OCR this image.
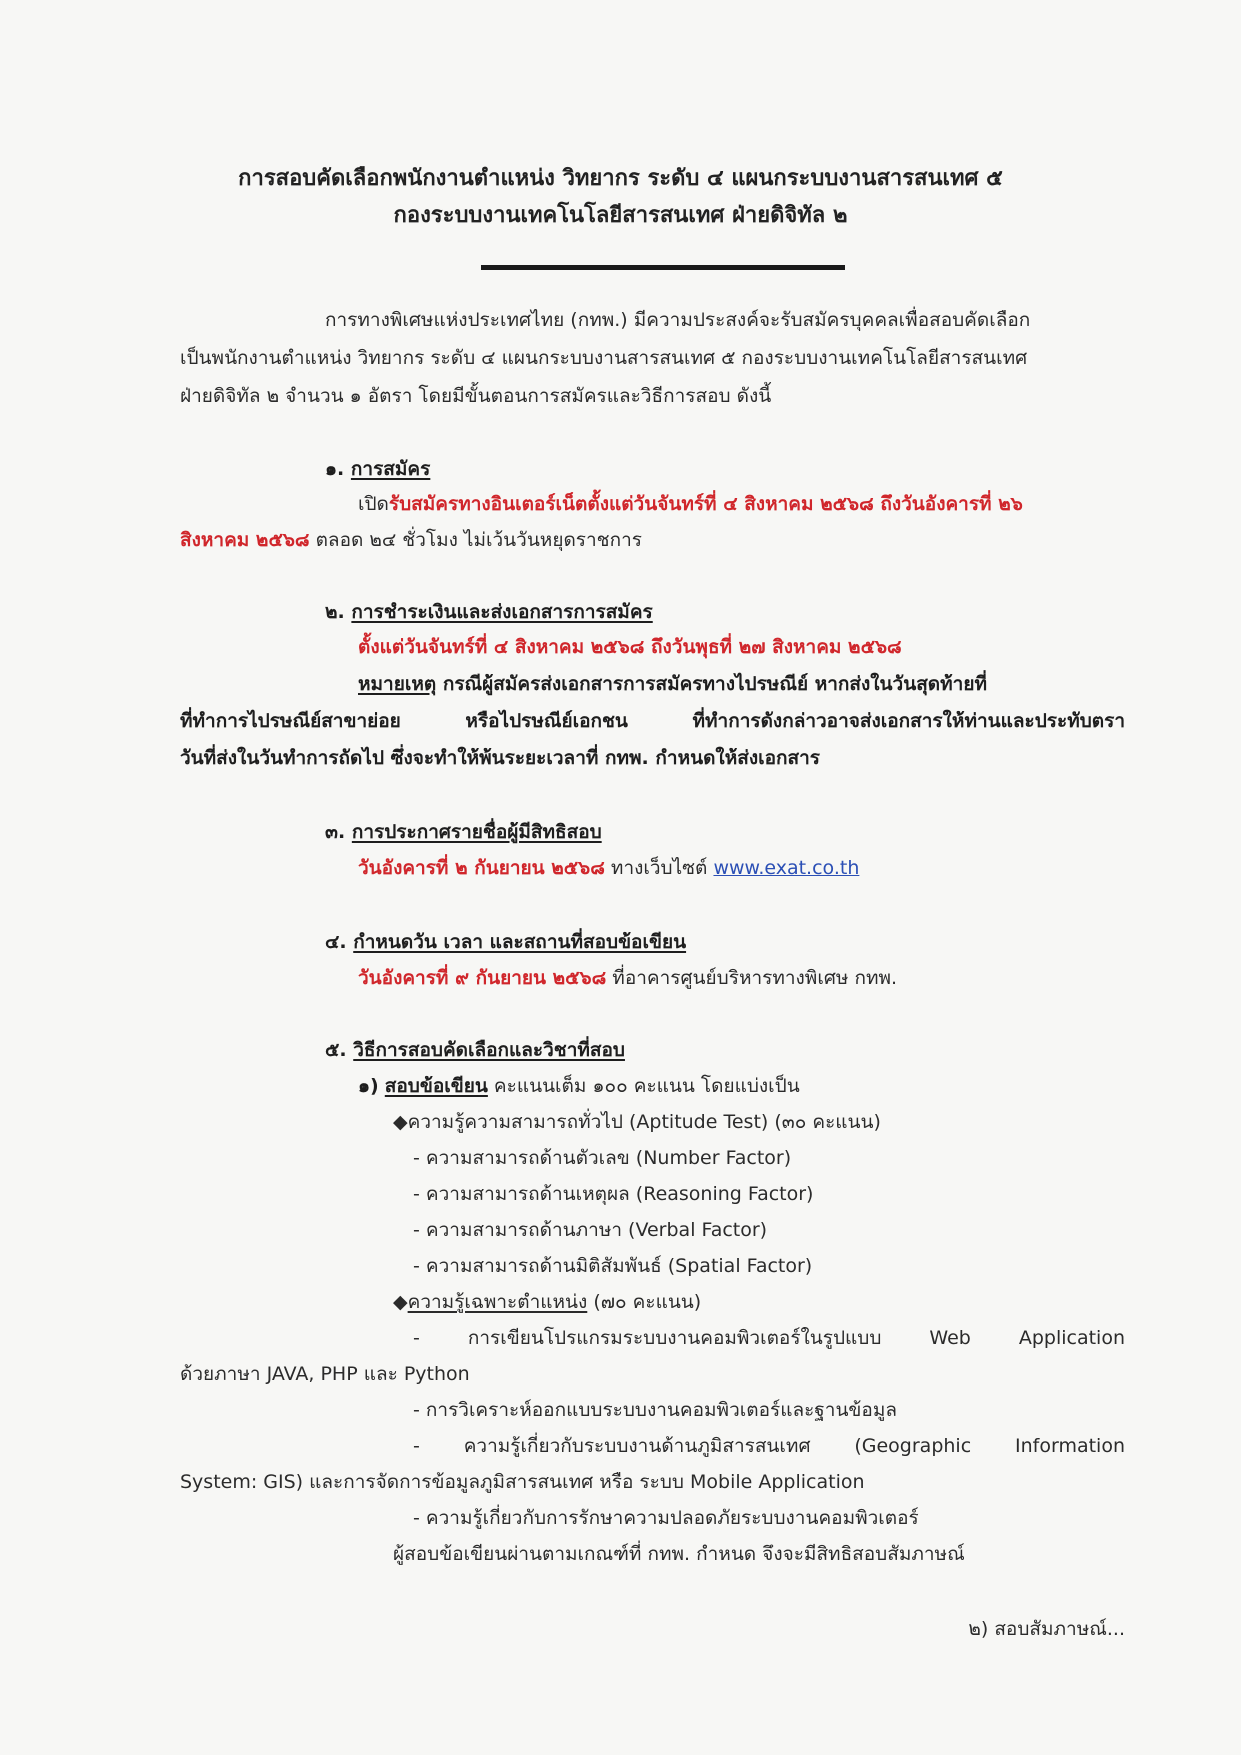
การสอบคัดเลือกพนักงานตำแหน่ง วิทยากร ระดับ ๔ แผนกระบบงานสารสนเทศ ๕
กองระบบงานเทคโนโลยีสารสนเทศ ฝ่ายดิจิทัล ๒

การทางพิเศษแห่งประเทศไทย (กทพ.) มีความประสงค์จะรับสมัครบุคคลเพื่อสอบคัดเลือก

เป็นพนักงานตำแหน่ง วิทยากร ระดับ ๔ แผนกระบบงานสารสนเทศ ๕ กองระบบงานเทคโนโลยีสารสนเทศ

ฝ่ายดิจิทัล ๒ จำนวน ๑ อัตรา โดยมีขั้นตอนการสมัครและวิธีการสอบ ดังนี้

๑. การสมัคร

เปิดรับสมัครทางอินเตอร์เน็ตตั้งแต่วันจันทร์ที่ ๔ สิงหาคม ๒๕๖๘ ถึงวันอังคารที่ ๒๖

สิงหาคม ๒๕๖๘ ตลอด ๒๔ ชั่วโมง ไม่เว้นวันหยุดราชการ

๒. การชำระเงินและส่งเอกสารการสมัคร

ตั้งแต่วันจันทร์ที่ ๔ สิงหาคม ๒๕๖๘ ถึงวันพุธที่ ๒๗ สิงหาคม ๒๕๖๘

หมายเหตุ กรณีผู้สมัครส่งเอกสารการสมัครทางไปรษณีย์ หากส่งในวันสุดท้ายที่

ที่ทำการไปรษณีย์สาขาย่อย หรือไปรษณีย์เอกชน ที่ทำการดังกล่าวอาจส่งเอกสารให้ท่านและประทับตรา

วันที่ส่งในวันทำการถัดไป ซึ่งจะทำให้พ้นระยะเวลาที่ กทพ. กำหนดให้ส่งเอกสาร

๓. การประกาศรายชื่อผู้มีสิทธิสอบ

วันอังคารที่ ๒ กันยายน ๒๕๖๘ ทางเว็บไซต์ www.exat.co.th

๔. กำหนดวัน เวลา และสถานที่สอบข้อเขียน

วันอังคารที่ ๙ กันยายน ๒๕๖๘ ที่อาคารศูนย์บริหารทางพิเศษ กทพ.

๕. วิธีการสอบคัดเลือกและวิชาที่สอบ

๑) สอบข้อเขียน คะแนนเต็ม ๑๐๐ คะแนน โดยแบ่งเป็น

◆ความรู้ความสามารถทั่วไป (Aptitude Test) (๓๐ คะแนน)

- ความสามารถด้านตัวเลข (Number Factor)

- ความสามารถด้านเหตุผล (Reasoning Factor)

- ความสามารถด้านภาษา (Verbal Factor)

- ความสามารถด้านมิติสัมพันธ์ (Spatial Factor)

◆ความรู้เฉพาะตำแหน่ง (๗๐ คะแนน)

- การเขียนโปรแกรมระบบงานคอมพิวเตอร์ในรูปแบบ Web Application

ด้วยภาษา JAVA, PHP และ Python

- การวิเคราะห์ออกแบบระบบงานคอมพิวเตอร์และฐานข้อมูล

- ความรู้เกี่ยวกับระบบงานด้านภูมิสารสนเทศ (Geographic Information

System: GIS) และการจัดการข้อมูลภูมิสารสนเทศ หรือ ระบบ Mobile Application

- ความรู้เกี่ยวกับการรักษาความปลอดภัยระบบงานคอมพิวเตอร์

ผู้สอบข้อเขียนผ่านตามเกณฑ์ที่ กทพ. กำหนด จึงจะมีสิทธิสอบสัมภาษณ์

๒) สอบสัมภาษณ์...
